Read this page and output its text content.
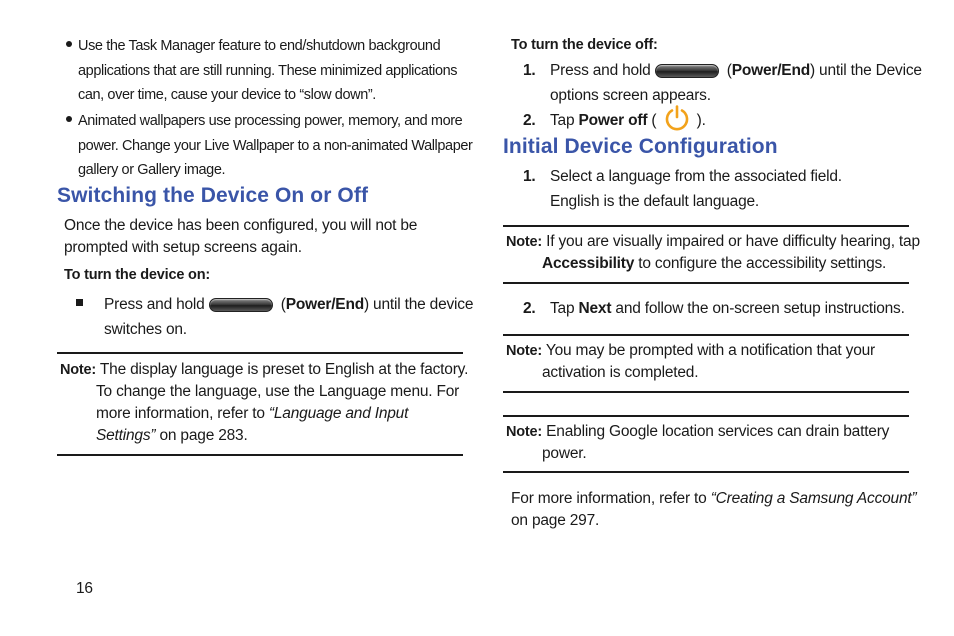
Use the Task Manager feature to end/shutdown background
applications that are still running. These minimized applications
can, over time, cause your device to “slow down”.
Animated wallpapers use processing power, memory, and more
power. Change your Live Wallpaper to a non-animated Wallpaper
gallery or Gallery image.
Switching the Device On or Off
Once the device has been configured, you will not be
prompted with setup screens again.
To turn the device on:
Press and hold	(Power/End) until the device
switches on.
Note: The display language is preset to English at the factory.
To change the language, use the Language menu. For
more information, refer to “Language and Input
Settings” on page 283.
16
To turn the device off:
1. Press and hold	(Power/End) until the Device
options screen appears.
2. Tap Power off (	).
Initial Device Configuration
1. Select a language from the associated field.
English is the default language.
Note: If you are visually impaired or have difficulty hearing, tap
Accessibility to configure the accessibility settings.
2. Tap Next and follow the on-screen setup instructions.
Note: You may be prompted with a notification that your
activation is completed.
Note: Enabling Google location services can drain battery
power.
For more information, refer to “Creating a Samsung Account”
on page 297.
